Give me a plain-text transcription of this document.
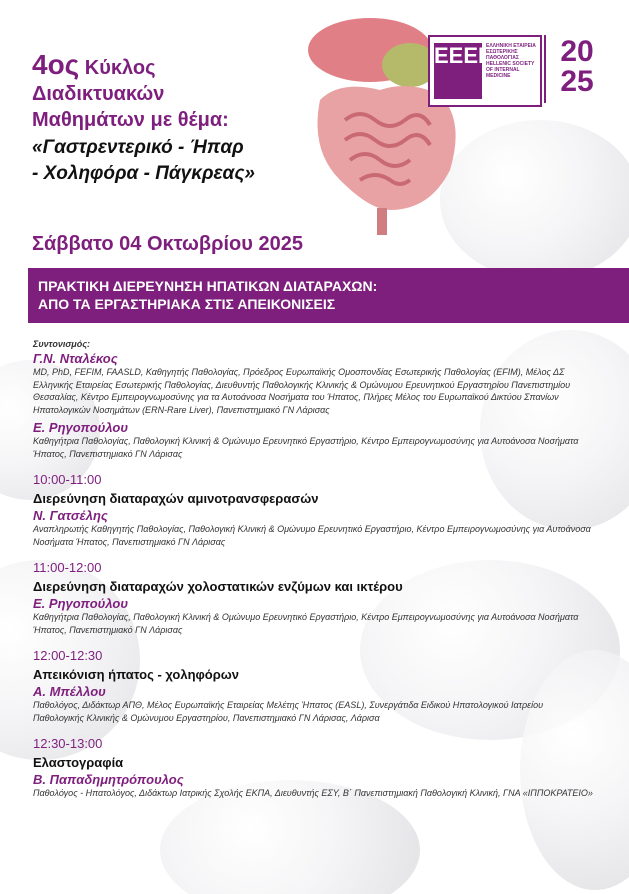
ΕΕΕΠ
ΕΛΛΗΝΙΚΗ ΕΤΑΙΡΕΙΑ ΕΣΩΤΕΡΙΚΗΣ ΠΑΘΟΛΟΓΙΑΣ HELLENIC SOCIETY OF INTERNAL MEDICINE
20
25
4ος Κύκλος
Διαδικτυακών
Μαθημάτων με θέμα:
«Γαστρεντερικό - Ήπαρ
- Χοληφόρα - Πάγκρεας»
Σάββατο 04 Οκτωβρίου 2025
ΠΡΑΚΤΙΚΗ ΔΙΕΡΕΥΝΗΣΗ ΗΠΑΤΙΚΩΝ ΔΙΑΤΑΡΑΧΩΝ:
ΑΠΟ ΤΑ ΕΡΓΑΣΤΗΡΙΑΚΑ ΣΤΙΣ ΑΠΕΙΚΟΝΙΣΕΙΣ
Συντονισμός:
Γ.Ν. Νταλέκος
MD, PhD, FEFIM, FAASLD, Καθηγητής Παθολογίας, Πρόεδρος Ευρωπαϊκής Ομοσπονδίας Εσωτερικής Παθολογίας (EFIM), Μέλος ΔΣ Ελληνικής Εταιρείας Εσωτερικής Παθολογίας, Διευθυντής Παθολογικής Κλινικής & Ομώνυμου Ερευνητικού Εργαστηρίου Πανεπιστημίου Θεσσαλίας, Κέντρο Εμπειρογνωμοσύνης για τα Αυτοάνοσα Νοσήματα του Ήπατος, Πλήρες Μέλος του Ευρωπαϊκού Δικτύου Σπανίων Ηπατολογικών Νοσημάτων (ERN-Rare Liver), Πανεπιστημιακό ΓΝ Λάρισας
Ε. Ρηγοπούλου
Καθηγήτρια Παθολογίας, Παθολογική Κλινική & Ομώνυμο Ερευνητικό Εργαστήριο, Κέντρο Εμπειρογνωμοσύνης για Αυτοάνοσα Νοσήματα Ήπατος, Πανεπιστημιακό ΓΝ Λάρισας
10:00-11:00
Διερεύνηση διαταραχών αμινοτρανσφερασών
Ν. Γατσέλης
Αναπληρωτής Καθηγητής Παθολογίας, Παθολογική Κλινική & Ομώνυμο Ερευνητικό Εργαστήριο, Κέντρο Εμπειρογνωμοσύνης για Αυτοάνοσα Νοσήματα Ήπατος, Πανεπιστημιακό ΓΝ Λάρισας
11:00-12:00
Διερεύνηση διαταραχών χολοστατικών ενζύμων και ικτέρου
Ε. Ρηγοπούλου
Καθηγήτρια Παθολογίας, Παθολογική Κλινική & Ομώνυμο Ερευνητικό Εργαστήριο, Κέντρο Εμπειρογνωμοσύνης για Αυτοάνοσα Νοσήματα Ήπατος, Πανεπιστημιακό ΓΝ Λάρισας
12:00-12:30
Απεικόνιση ήπατος - χοληφόρων
Α. Μπέλλου
Παθολόγος, Διδάκτωρ ΑΠΘ, Μέλος Ευρωπαϊκής Εταιρείας Μελέτης Ήπατος (EASL), Συνεργάτιδα Ειδικού Ηπατολογικού Ιατρείου Παθολογικής Κλινικής & Ομώνυμου Εργαστηρίου, Πανεπιστημιακό ΓΝ Λάρισας, Λάρισα
12:30-13:00
Ελαστογραφία
Β. Παπαδημητρόπουλος
Παθολόγος - Ηπατολόγος, Διδάκτωρ Ιατρικής Σχολής ΕΚΠΑ, Διευθυντής ΕΣΥ, Β΄ Πανεπιστημιακή Παθολογική Κλινική, ΓΝΑ «ΙΠΠΟΚΡΑΤΕΙΟ»
